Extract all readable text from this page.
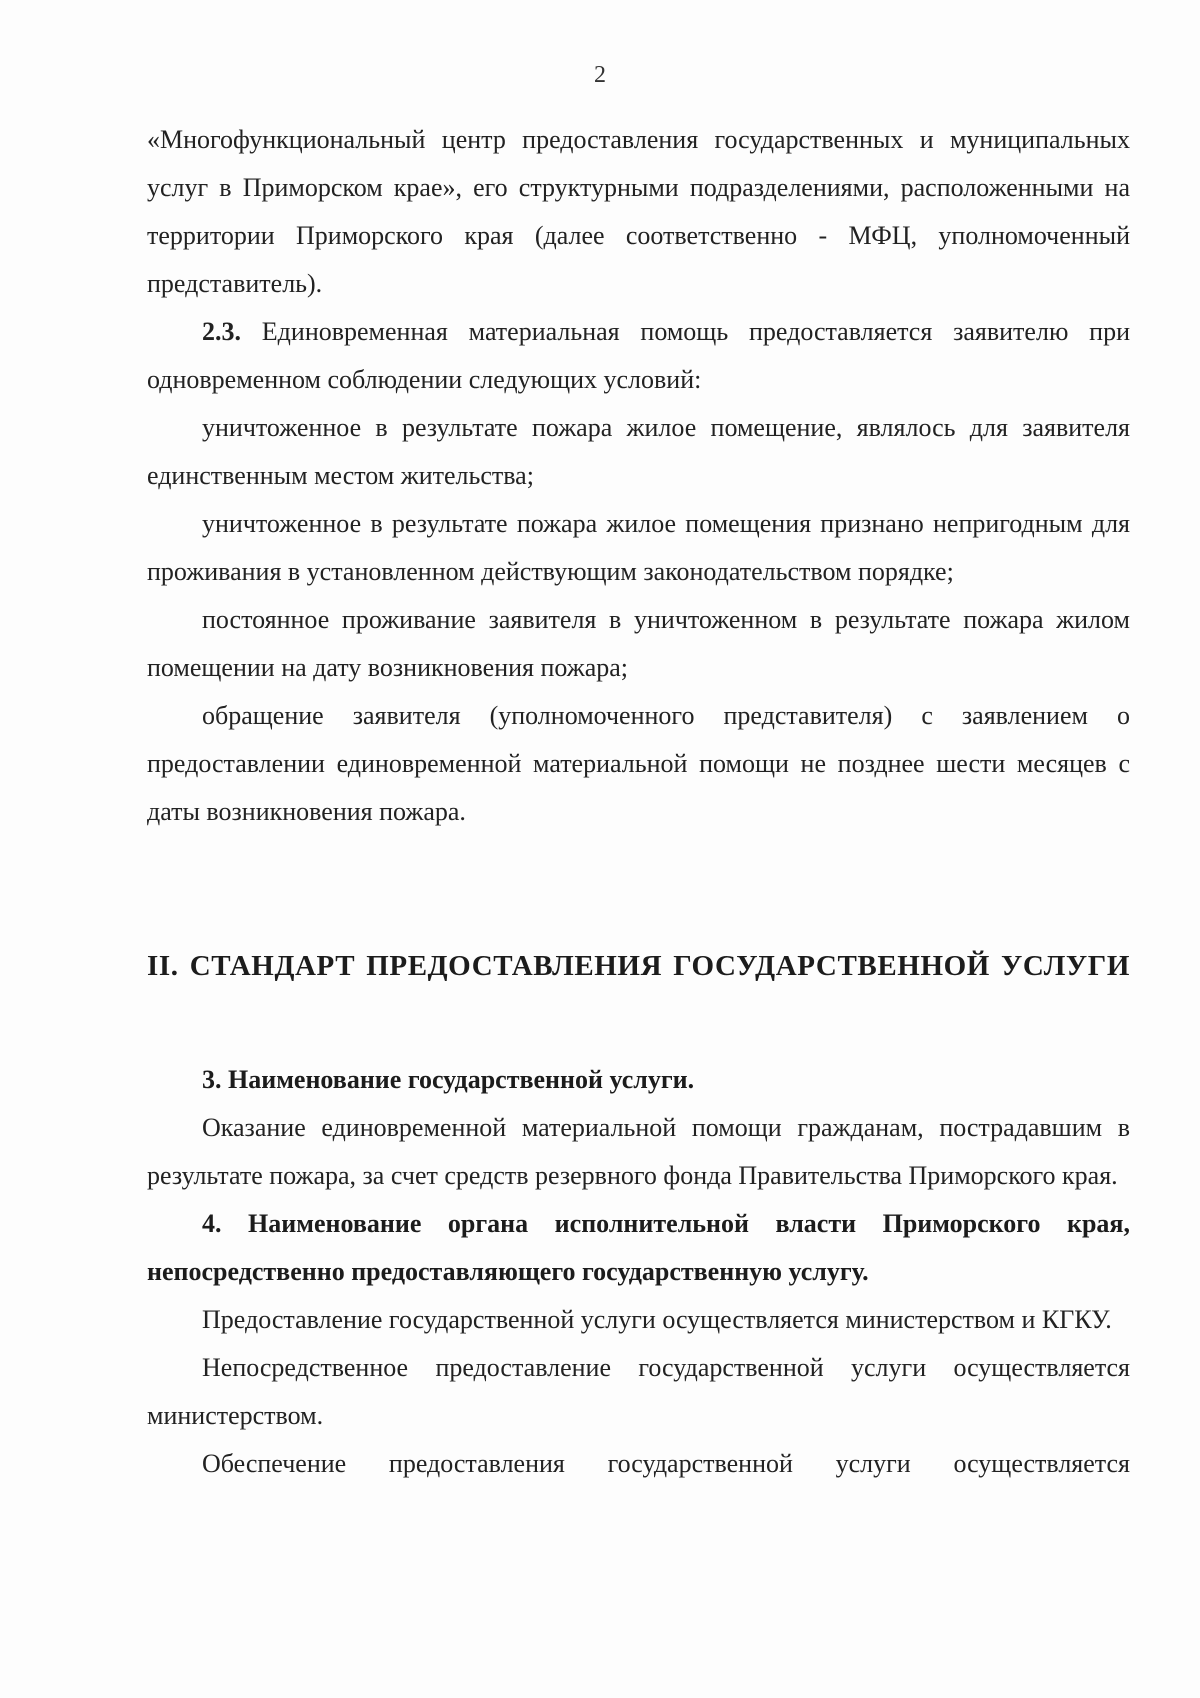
2

«Многофункциональный центр предоставления государственных и муниципальных услуг в Приморском крае», его структурными подразделениями, расположенными на территории Приморского края (далее соответственно - МФЦ, уполномоченный представитель).

2.3. Единовременная материальная помощь предоставляется заявителю при одновременном соблюдении следующих условий:

уничтоженное в результате пожара жилое помещение, являлось для заявителя единственным местом жительства;

уничтоженное в результате пожара жилое помещения признано непригодным для проживания в установленном действующим законодательством порядке;

постоянное проживание заявителя в уничтоженном в результате пожара жилом помещении на дату возникновения пожара;

обращение заявителя (уполномоченного представителя) с заявлением о предоставлении единовременной материальной помощи не позднее шести месяцев с даты возникновения пожара.

II. СТАНДАРТ ПРЕДОСТАВЛЕНИЯ ГОСУДАРСТВЕННОЙ УСЛУГИ

3. Наименование государственной услуги.

Оказание единовременной материальной помощи гражданам, пострадавшим в результате пожара, за счет средств резервного фонда Правительства Приморского края.

4. Наименование органа исполнительной власти Приморского края, непосредственно предоставляющего государственную услугу.

Предоставление государственной услуги осуществляется министерством и КГКУ.

Непосредственное предоставление государственной услуги осуществляется министерством.

Обеспечение предоставления государственной услуги осуществляется
